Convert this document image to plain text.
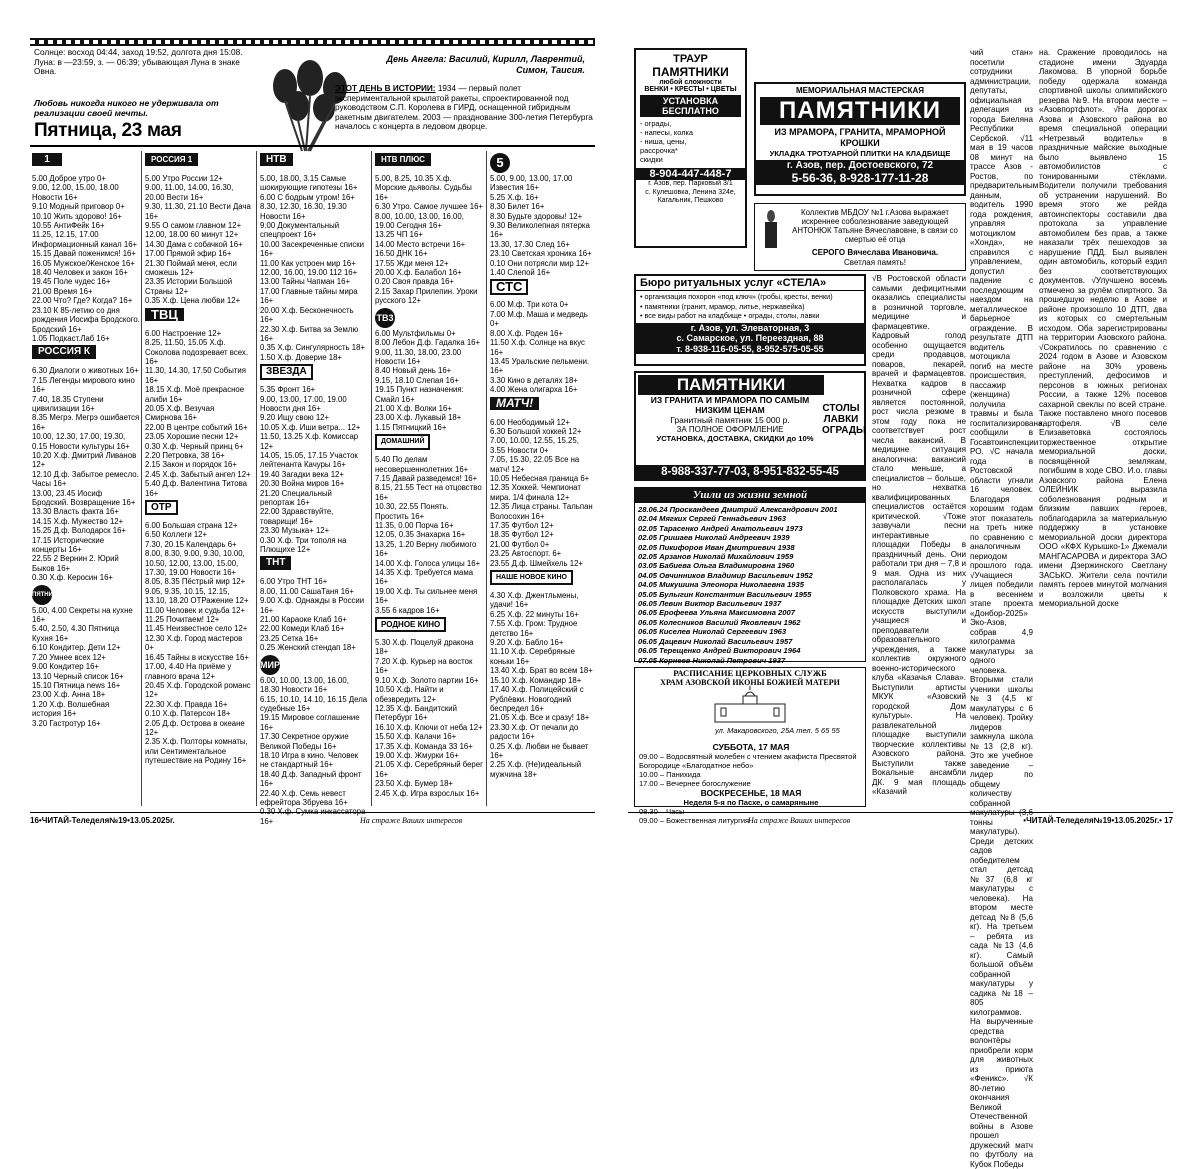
Солнце: восход 04:44, заход 19:52, долгота дня 15:08.
Луна: в —23:59, з. — 06:39; убывающая Луна в знаке Овна.
Любовь никогда никого не удерживала от реализации своей мечты.
Пятница, 23 мая
День Ангела: Василий, Кирилл, Лаврентий, Симон, Таисия.
ЭТОТ ДЕНЬ В ИСТОРИИ: 1934 — первый полет экспериментальной крылатой ракеты, спроектированной под руководством С.П. Королева в ГИРД, оснащенной гибридным ракетным двигателем. 2003 — празднование 300-летия Петербурга началось с концерта в ледовом дворце.
1
5.00 Доброе утро 0+
9.00, 12.00, 15.00, 18.00 Новости 16+
9.10 Модный приговор 0+
10.10 Жить здорово! 16+
10.55 АнтиФейк 16+
11.25, 12.15, 17.00 Информационный канал 16+
15.15 Давай поженимся! 16+
16.05 Мужское/Женское 16+
18.40 Человек и закон 16+
19.45 Поле чудес 16+
21.00 Время 16+
22.00 Что? Где? Когда? 16+
23.10 К 85-летию со дня рождения Иосифа Бродского. Бродский 16+
1.05 Подкаст.Лаб 16+
РОССИЯ К
6.30 Диалоги о животных 16+
7.15 Легенды мирового кино 16+
7.40, 18.35 Ступени цивилизации 16+
8.35 Мегрэ. Мегрэ ошибается 16+
10.00, 12.30, 17.00, 19.30, 0.15 Новости культуры 16+
10.20 Х.ф. Дмитрий Ливанов 12+
12.10 Д.ф. Забытое ремесло. Часы 16+
13.00, 23.45 Иосиф Бродский. Возвращение 16+
13.30 Власть факта 16+
14.15 Х.ф. Мужество 12+
15.25 Д.ф. Володарск 16+
17.15 Исторические концерты 16+
22.55 2 Вернин 2. Юрий Быков 16+
0.30 Х.ф. Керосин 16+
ПЯТНИЦА
5.00, 4.00 Секреты на кухне 16+
5.40, 2.50, 4.30 Пятница Кухня 16+
6.10 Кондитер. Дети 12+
7.20 Умнее всех 12+
9.00 Кондитер 16+
13.10 Черный список 16+
15.10 Пятница news 16+
23.00 Х.ф. Анна 18+
1.20 Х.ф. Волшебная история 16+
3.20 Гастротур 16+
РОССИЯ 1
5.00 Утро России 12+
9.00, 11.00, 14.00, 16.30, 20.00 Вести 16+
9.30, 11.30, 21.10 Вести Дача 16+
9.55 О самом главном 12+
12.00, 18.00 60 минут 12+
14.30 Дама с собачкой 16+
17.00 Прямой эфир 16+
21.30 Поймай меня, если сможешь 12+
23.35 Истории Большой Страны 12+
0.35 Х.ф. Цена любви 12+
ТВЦ
6.00 Настроение 12+
8.25, 11.50, 15.05 Х.ф. Соколова подозревает всех. 16+
11.30, 14.30, 17.50 События 16+
18.15 Х.ф. Моё прекрасное алиби 16+
20.05 Х.ф. Везучая Смирнова 16+
22.00 В центре событий 16+
23.05 Хорошие песни 12+
0.30 Х.ф. Черный принц 6+
2.20 Петровка, 38 16+
2.15 Закон и порядок 16+
2.45 Х.ф. Забытый ангел 12+
5.40 Д.ф. Валентина Титова 16+
ОТР
6.00 Большая страна 12+
6.50 Коллеги 12+
7.30, 20.15 Календарь 6+
8.00, 8.30, 9.00, 9.30, 10.00, 10.50, 12.00, 13.00, 15.00, 17.30, 19.00 Новости 16+
8.05, 8.35 Пёстрый мир 12+
9.05, 9.35, 10.15, 12.15, 13.10, 18.20 ОТРажение 12+
11.00 Человек и судьба 12+
11.25 Почитаем! 12+
11.45 Неизвестное село 12+
12.30 Х.ф. Город мастеров 0+
16.45 Тайны в искусстве 16+
17.00, 4.40 На приёме у главного врача 12+
20.45 Х.ф. Городской романс 12+
22.30 Х.ф. Правда 16+
0.10 Х.ф. Патерсон 18+
2.05 Д.ф. Острова в океане 12+
2.35 Х.ф. Полторы комнаты, или Сентиментальное путешествие на Родину 16+
НТВ
5.00, 18.00, 3.15 Самые шокирующие гипотезы 16+
6.00 С бодрым утром! 16+
8.30, 12.30, 16.30, 19.30 Новости 16+
9.00 Документальный спецпроект 16+
10.00 Засекреченные списки 16+
11.00 Как устроен мир 16+
12.00, 16.00, 19.00 112 16+
13.00 Тайны Чапман 16+
17.00 Главные тайны мира 16+
20.00 Х.ф. Бесконечность 16+
22.30 Х.ф. Битва за Землю 16+
0.35 Х.ф. Сингулярность 18+
1.50 Х.ф. Доверие 18+
ЗВЕЗДА
5.35 Фронт 16+
9.00, 13.00, 17.00, 19.00 Новости дня 16+
9.20 Ищу свою 12+
10.05 Х.ф. Иши ветра... 12+
11.50, 13.25 Х.ф. Комиссар 12+
14.05, 15.05, 17.15 Участок лейтенанта Качуры 16+
19.40 Загадки века 12+
20.30 Война миров 16+
21.20 Специальный репортаж 16+
22.00 Здравствуйте, товарищи! 16+
23.30 Музыка+ 12+
0.30 Х.ф. Три тополя на Плющихе 12+
ТНТ
6.00 Утро ТНТ 16+
8.00, 11.00 СашаТаня 16+
9.00 Х.ф. Однажды в России 16+
21.00 Караоке Клаб 16+
22.00 Комеди Клаб 16+
23.25 Сетка 16+
0.25 Женский стендап 18+
МИР
6.00, 10.00, 13.00, 16.00, 18.30 Новости 16+
6.15, 10.10, 14.10, 16.15 Дела судебные 16+
19.15 Мировое соглашение 16+
17.30 Секретное оружие Великой Победы 16+
18.10 Игра в кино. Человек не стандартный 16+
18.40 Д.ф. Западный фронт 16+
22.40 Х.ф. Семь невест ефрейтора Збруева 16+
0.30 Х.ф. Сумка инкассатора 16+
НТВ ПЛЮС
5.00, 8.25, 10.35 Х.ф. Морские дьяволы. Судьбы 16+
6.30 Утро. Самое лучшее 16+
8.00, 10.00, 13.00, 16.00, 19.00 Сегодня 16+
13.25 ЧП 16+
14.00 Место встречи 16+
16.50 ДНК 16+
17.55 Жди меня 12+
20.00 Х.ф. Балабол 16+
0.20 Своя правда 16+
2.15 Захар Прилепин. Уроки русского 12+
ТВ3
6.00 Мультфильмы 0+
8.00 Лебон Д.ф. Гадалка 16+
9.00, 11.30, 18.00, 23.00 Новости 16+
8.40 Новый день 16+
9.15, 18.10 Слепая 16+
19.15 Пункт назначения: Смайл 16+
21.00 Х.ф. Волки 16+
23.00 Х.ф. Лукавый 18+
1.15 Пятницкий 16+
ДОМАШНИЙ
5.40 По делам несовершеннолетних 16+
7.15 Давай разведемся! 16+
8.15, 21.55 Тест на отцовство 16+
10.30, 22.55 Понять. Простить 16+
11.35, 0.00 Порча 16+
12.05, 0.35 Знахарка 16+
13.25, 1.20 Верну любимого 16+
14.00 Х.ф. Голоса улицы 16+
14.35 Х.ф. Требуется мама 16+
19.00 Х.ф. Ты сильнее меня 16+
3.55 6 кадров 16+
РОДНОЕ КИНО
5.30 Х.ф. Поцелуй дракона 18+
7.20 Х.ф. Курьер на восток 16+
9.10 Х.ф. Золото партии 16+
10.50 Х.ф. Найти и обезвредить 12+
12.35 Х.ф. Бандитский Петербург 16+
16.10 Х.ф. Ключи от неба 12+
15.50 Х.ф. Калачи 16+
17.35 Х.ф. Команда 33 16+
19.00 Х.ф. Жмурки 16+
21.05 Х.ф. Серебряный берег 16+
23.50 Х.ф. Бумер 18+
2.45 Х.ф. Игра взрослых 16+
5
5.00, 9.00, 13.00, 17.00 Известия 16+
5.25 Х.ф. 16+
8.30 Билет 16+
8.30 Будьте здоровы! 12+
9.30 Великолепная пятерка 16+
13.30, 17.30 След 16+
23.10 Светская хроника 16+
0.10 Они потрясли мир 12+
1.40 Слепой 16+
СТС
6.00 М.ф. Три кота 0+
7.00 М.ф. Маша и медведь 0+
8.00 Х.ф. Роден 16+
11.50 Х.ф. Солнце на вкус 16+
13.45 Уральские пельмени. 16+
3.30 Кино в деталях 18+
4.00 Жена олигарха 16+
МАТЧ!
6.00 Неободимый 12+
6.30 Большой хоккей 12+
7.00, 10.00, 12.55, 15.25, 3.55 Новости 0+
7.05, 15.30, 22.05 Все на матч! 12+
10.05 Небесная граница 6+
12.35 Хоккей. Чемпионат мира. 1/4 финала 12+
12.35 Лица страны. Тальпан Волосохин 16+
17.35 Футбол 12+
18.35 Футбол 12+
21.00 Футбол 0+
23.25 Автоспорт. 6+
23.55 Д.ф. Шмейхель 12+
НАШЕ НОВОЕ КИНО
4.30 Х.ф. Джентльмены, удачи! 16+
6.25 Х.ф. 22 минуты 16+
7.55 Х.ф. Гром: Трудное детство 16+
9.20 Х.ф. Бабло 16+
11.10 Х.ф. Серебряные коньки 16+
13.40 Х.ф. Брат во всем 18+
15.10 Х.ф. Командир 18+
17.40 Х.ф. Полицейский с Рублёвки. Новогодний беспредел 16+
21.05 Х.ф. Все и сразу! 18+
23.30 Х.ф. От печали до радости 16+
0.25 Х.ф. Любви не бывает 16+
2.25 Х.ф. (Не)идеальный мужчина 18+
16•ЧИТАЙ-Теледеля№19•13.05.2025г.	На страже Ваших интересов
ТРАУР
ПАМЯТНИКИ
любой сложности
ВЕНКИ • КРЕСТЫ • ЦВЕТЫ
УСТАНОВКА БЕСПЛАТНО
- ограды,
- напесы, колка
- ниша, цены,
рассрочка*
скидки
8-904-447-448-7
г. Азов, пер. Парковый 3/1
с. Кулешовка, Ленина 324е,
Кагальник, Пешково
МЕМОРИАЛЬНАЯ МАСТЕРСКАЯ
ПАМЯТНИКИ
ИЗ МРАМОРА, ГРАНИТА, МРАМОРНОЙ КРОШКИ
УКЛАДКА ТРОТУАРНОЙ ПЛИТКИ НА КЛАДБИЩЕ
г. Азов, пер. Достоевского, 72
5-56-36, 8-928-177-11-28
Коллектив МБДОУ №1 г.Азова выражает искреннее соболезнование заведующей АНТОНЮК Татьяне Вячеславовне, в связи со смертью её отца
СЕРОГО Вячеслава Ивановича.
Светлая память!
Бюро ритуальных услуг «СТЕЛА»
• организация похорон «под ключ» (гробы, кресты, венки)
• памятники (гранит, мрамор, литье, нержавейка)
• все виды работ на кладбище • ограды, столы, лавки
г. Азов, ул. Элеваторная, 3
с. Самарское, ул. Переездная, 88
т. 8-938-116-05-55, 8-952-575-05-55
ПАМЯТНИКИ
ИЗ ГРАНИТА И МРАМОРА ПО САМЫМ НИЗКИМ ЦЕНАМ
Гранитный памятник 15 000 р.
ЗА ПОЛНОЕ ОФОРМЛЕНИЕ
УСТАНОВКА, ДОСТАВКА, СКИДКИ до 10%
СТОЛЫ ЛАВКИ ОГРАДЫ
8-988-337-77-03, 8-951-832-55-45
Ушли из жизни земной
28.06.24 Проскандеев Дмитрий Александрович 2001
02.04 Мягких Сергей Геннадьевич 1963
02.05 Тарасенко Андрей Анатольевич 1973
02.05 Гришаев Николай Андреевич 1939
02.05 Пикифоров Иван Дмитриевич 1938
02.05 Арзанов Николай Михайлович 1959
03.05 Бабиева Ольга Владимировна 1960
04.05 Овчинников Владимир Васильевич 1952
04.05 Микушина Элеонора Николаевна 1935
05.05 Булыгин Константин Васильевич 1955
06.05 Левин Виктор Васильевич 1937
06.05 Ерофеева Ульяна Максимовна 2007
06.05 Колесников Василий Яковлевич 1962
06.05 Киселев Николай Сергеевич 1963
06.05 Дацевич Николай Васильевич 1957
06.05 Терещенко Андрей Викторович 1964
07.05 Корнеев Николай Петрович 1937
РАСПИСАНИЕ ЦЕРКОВНЫХ СЛУЖБ
ХРАМ АЗОВСКОЙ ИКОНЫ БОЖИЕЙ МАТЕРИ
ул. Макаровского, 25А тел. 5 65 55
СУББОТА, 17 МАЯ
09.00 – Водосвятный молебен с чтением акафиста Пресвятой Богородице «Благодатное небо»
10.00 – Панихида
17.00 – Вечернее богослужение
ВОСКРЕСЕНЬЕ, 18 МАЯ
Неделя 5-я по Пасхе, о самаряныне
08.30 – Часы
09.00 – Божественная литургия
чий стан» посетили сотрудники администрации, депутаты, официальная делегация из города Биеляна Республики Сербской. √11 мая в 19 часов 08 минут на трассе Азов - Ростов, по предварительным данным, водитель 1990 года рождения, управляя мотоциклом «Хонда», не справился с управлением, допустил падение с последующим наездом на металлическое барьерное ограждение. В результате ДТП водитель мотоцикла погиб на месте происшествия, пассажир (женщина) получила травмы и была госпитализирована, сообщили в Госавтоинспекции РО. √С начала года в Ростовской области угнали 16 человек. Благодаря хорошим годам этот показатель на треть ниже по сравнению с аналогичным периодом прошлого года. √Учащиеся лицея победили в весеннем этапе проекта «Донбор-2025» Эко-Азов, собрав 4,9 килограмма макулатуры за одного человека. Вторыми стали ученики школы №3 (4,5 кг макулатуры с 6 человек). Тройку лидеров замкнула школа №13 (2,8 кг). Это же учебное заведение – лидер по общему количеству собранной макулатуры (3,6 тонны макулатуры). Среди детских садов победителем стал детсад №37 (6,8 кг макулатуры с человека). На втором месте детсад №8 (5,6 кг). На третьем – ребята из сада №13 (4,6 кг). Самый большой объём собранной макулатуры у садика №18 – 805 килограммов. На вырученные средства волонтёры приобрели корм для животных из приюта «Феникс». √К 80-летию окончания Великой Отечественной войны в Азове прошел дружеский матч по футболу на Кубок Победы
√В Ростовской области самыми дефицитными оказались специалисты в розничной торговле, медицине и фармацевтике. Кадровый голод особенно ощущается среди продавцов, поваров, пекарей, врачей и фармацевтов. Нехватка кадров в розничной сфере является постоянной, рост числа резюме в этом году пока не соответствует рост числа вакансий. В медицине ситуация аналогична: вакансий стало меньше, а специалистов – больше, но нехватка квалифицированных специалистов остаётся критической. √Тоже зазвучали песни интерактивные площадки Победы в праздничный день. Они работали три дня – 7,8 и 9 мая. Одна из них располагалась у Полковского храма. На площадке Детских школ искусств выступили учащиеся и преподаватели образовательного учреждения, а также коллектив окружного военно-исторического клуба «Казачья Слава». Выступили артисты МКУК «Азовский городской Дом культуры». На развлекательной площадке выступили творческие коллективы Азовского района. Выступили также Вокальные ансамбли ДК. 9 мая площадь «Казачий
на. Сражение проводилось на стадионе имени Эдуарда Лакомова. В упорной борьбе победу одержала команда спортивной школы олимпийского резерва №9. На втором месте – «Азовпортфлот». √На дорогах Азова и Азовского района во время специальной операции «Нетрезвый водитель» в праздничные майские выходные было выявлено 15 автомобилистов с тонированными стёклами. Водители получили требования об устранении нарушений. Во время этого же рейда автоинспекторы составили два протокола за управление автомобилем без прав, а также наказали трёх пешеходов за нарушение ПДД. Был выявлен один автомобиль, который ездил без соответствующих документов. √Улучшено восемь отмечено за рулём спиртного. За прошедшую неделю в Азове и районе произошло 10 ДТП, два из которых со смертельным исходом. Оба зарегистрированы на территории Азовского района. √Сократилось по сравнению с 2024 годом в Азове и Азовском районе на 30% уровень преступлений, дефосимов и персонов в южных регионах России, а также 12% посевов сахарной свеклы по всей стране. Также поставлено много посевов картофеля. √В селе Елизаветовка состоялось торжественное открытие мемориальной доски, посвящённой землякам, погибшим в ходе СВО. И.о. главы Азовского района Елена ОЛЕЙНИК выразила соболезнования родным и близким павших героев, поблагодарила за материальную поддержку в установке мемориальной доски директора ООО «КФХ Курышко-1» Джемали МАНГАСАРОВА и директора ЗАО имени Дзержинского Светлану ЗАСЬКО. Жители села почтили память героев минутой молчания и возложили цветы к мемориальной доске
На страже Ваших интересов	•ЧИТАЙ-Теледеля№19•13.05.2025г.• 17
